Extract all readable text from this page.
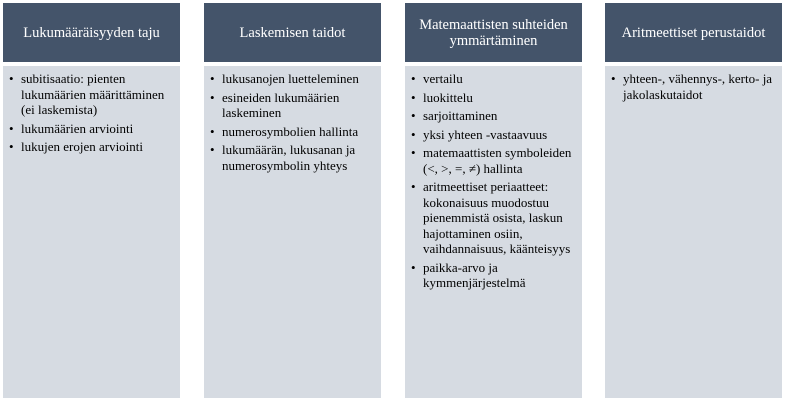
Lukumääräisyyden taju
• subitisaatio: pienten lukumäärien määrittäminen (ei laskemista)
• lukumäärien arviointi
• lukujen erojen arviointi
Laskemisen taidot
• lukusanojen luetteleminen
• esineiden lukumäärien laskeminen
• numerosymbolien hallinta
• lukumäärän, lukusanan ja numerosymbolin yhteys
Matemaattisten suhteiden ymmärtäminen
• vertailu
• luokittelu
• sarjoittaminen
• yksi yhteen -vastaavuus
• matemaattisten symboleiden (<, >, =, ≠) hallinta
• aritmeettiset periaatteet: kokonaisuus muodostuu pienemmistä osista, laskun hajottaminen osiin, vaihdannaisuus, käänteisyys
• paikka-arvo ja kymmenjärjestelmä
Aritmeettiset perustaidot
• yhteen-, vähennys-, kerto- ja jakolaskutaidot
